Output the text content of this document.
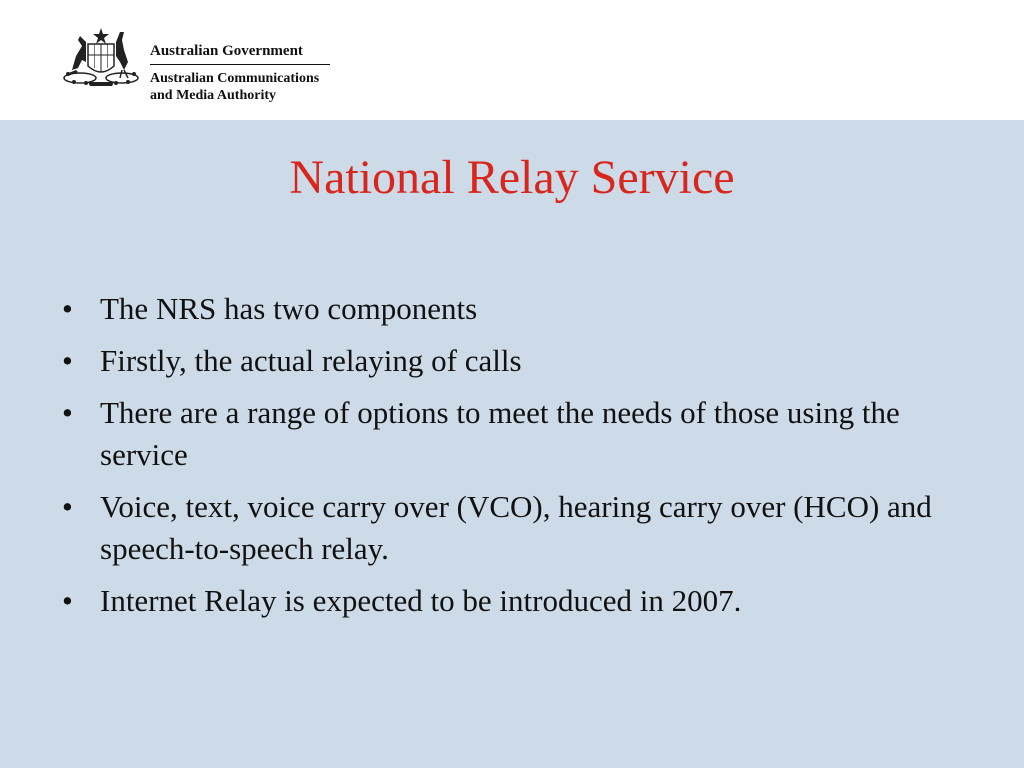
Australian Government
Australian Communications
and Media Authority
National Relay Service
• The NRS has two components
• Firstly, the actual relaying of calls
• There are a range of options to meet the needs of those using the service
• Voice, text, voice carry over (VCO), hearing carry over (HCO) and speech-to-speech relay.
• Internet Relay is expected to be introduced in 2007.
